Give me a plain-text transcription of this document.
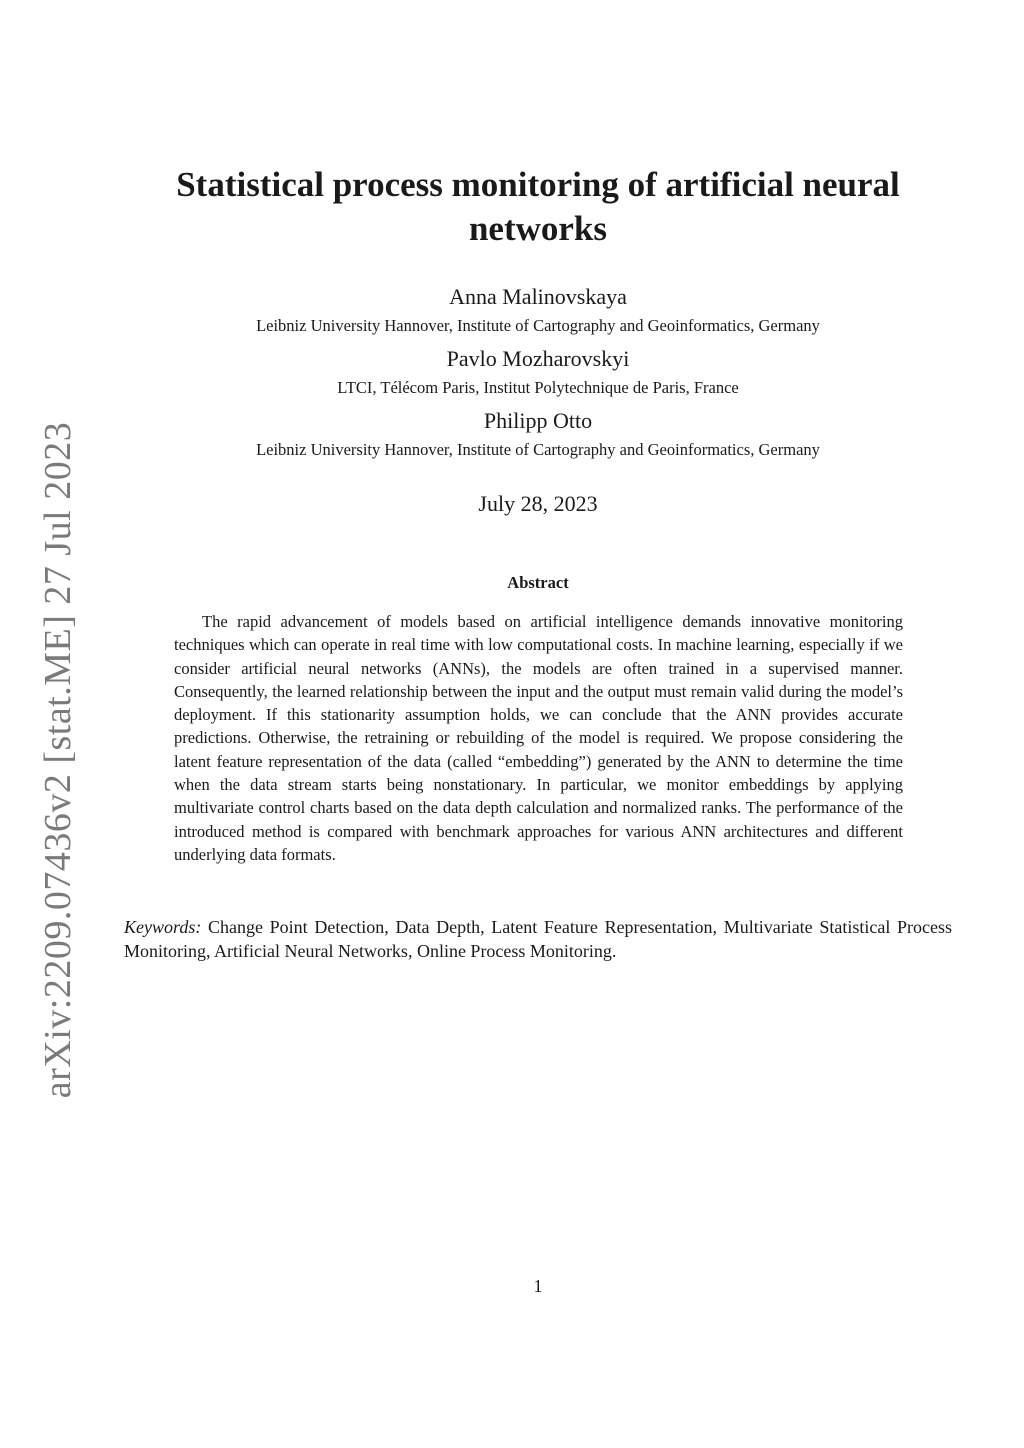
arXiv:2209.07436v2 [stat.ME] 27 Jul 2023
Statistical process monitoring of artificial neural networks
Anna Malinovskaya
Leibniz University Hannover, Institute of Cartography and Geoinformatics, Germany
Pavlo Mozharovskyi
LTCI, Télécom Paris, Institut Polytechnique de Paris, France
Philipp Otto
Leibniz University Hannover, Institute of Cartography and Geoinformatics, Germany
July 28, 2023
Abstract

The rapid advancement of models based on artificial intelligence demands innovative monitoring techniques which can operate in real time with low computational costs. In machine learning, especially if we consider artificial neural networks (ANNs), the models are often trained in a supervised manner. Consequently, the learned relationship between the input and the output must remain valid during the model’s deployment. If this stationarity assumption holds, we can conclude that the ANN provides accurate predictions. Otherwise, the retraining or rebuilding of the model is required. We propose considering the latent feature representation of the data (called “embedding”) generated by the ANN to determine the time when the data stream starts being nonstationary. In particular, we monitor embeddings by applying multivariate control charts based on the data depth calculation and normalized ranks. The performance of the introduced method is compared with benchmark approaches for various ANN architectures and different underlying data formats.

Keywords: Change Point Detection, Data Depth, Latent Feature Representation, Multivariate Statistical Process Monitoring, Artificial Neural Networks, Online Process Monitoring.

1
